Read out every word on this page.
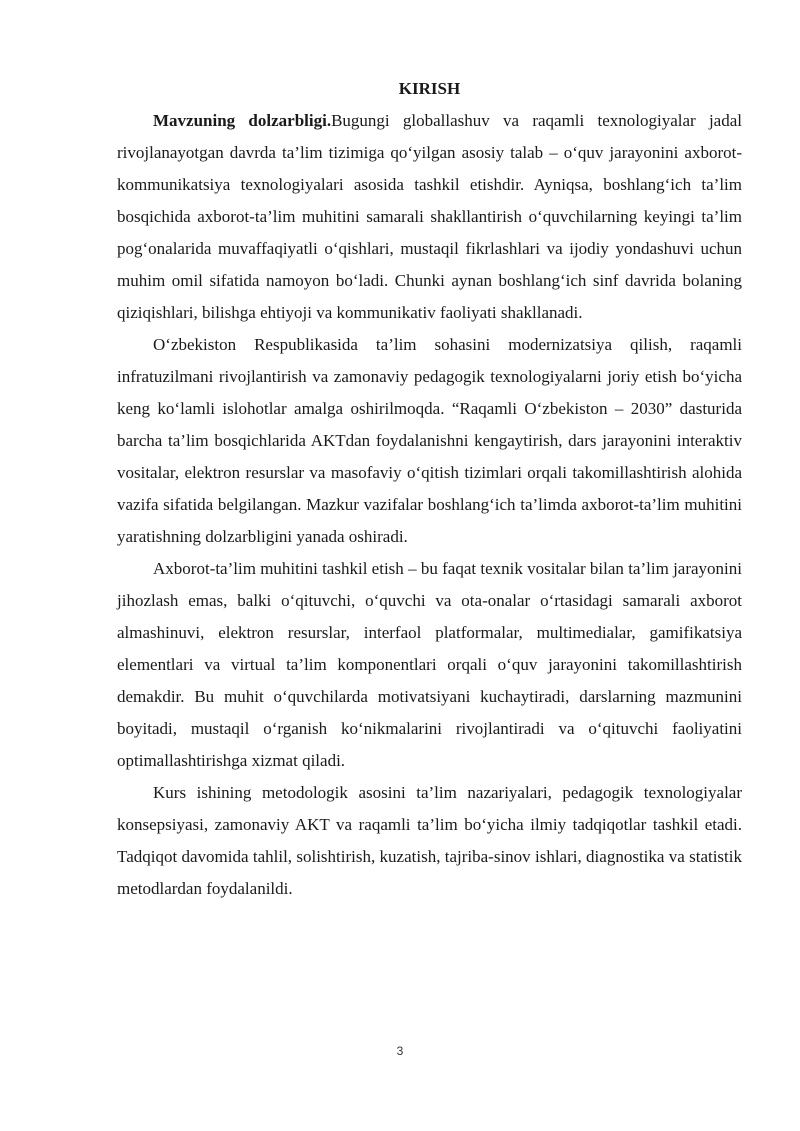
KIRISH

Mavzuning dolzarbligi.Bugungi globallashuv va raqamli texnologiyalar jadal rivojlanayotgan davrda ta’lim tizimiga qo‘yilgan asosiy talab – o‘quv jarayonini axborot-kommunikatsiya texnologiyalari asosida tashkil etishdir. Ayniqsa, boshlang‘ich ta’lim bosqichida axborot-ta’lim muhitini samarali shakllantirish o‘quvchilarning keyingi ta’lim pog‘onalarida muvaffaqiyatli o‘qishlari, mustaqil fikrlashlari va ijodiy yondashuvi uchun muhim omil sifatida namoyon bo‘ladi. Chunki aynan boshlang‘ich sinf davrida bolaning qiziqishlari, bilishga ehtiyoji va kommunikativ faoliyati shakllanadi.

O‘zbekiston Respublikasida ta’lim sohasini modernizatsiya qilish, raqamli infratuzilmani rivojlantirish va zamonaviy pedagogik texnologiyalarni joriy etish bo‘yicha keng ko‘lamli islohotlar amalga oshirilmoqda. “Raqamli O‘zbekiston – 2030” dasturida barcha ta’lim bosqichlarida AKTdan foydalanishni kengaytirish, dars jarayonini interaktiv vositalar, elektron resurslar va masofaviy o‘qitish tizimlari orqali takomillashtirish alohida vazifa sifatida belgilangan. Mazkur vazifalar boshlang‘ich ta’limda axborot-ta’lim muhitini yaratishning dolzarbligini yanada oshiradi.

Axborot-ta’lim muhitini tashkil etish – bu faqat texnik vositalar bilan ta’lim jarayonini jihozlash emas, balki o‘qituvchi, o‘quvchi va ota-onalar o‘rtasidagi samarali axborot almashinuvi, elektron resurslar, interfaol platformalar, multimedialar, gamifikatsiya elementlari va virtual ta’lim komponentlari orqali o‘quv jarayonini takomillashtirish demakdir. Bu muhit o‘quvchilarda motivatsiyani kuchaytiradi, darslarning mazmunini boyitadi, mustaqil o‘rganish ko‘nikmalarini rivojlantiradi va o‘qituvchi faoliyatini optimallashtirishga xizmat qiladi.

Kurs ishining metodologik asosini ta’lim nazariyalari, pedagogik texnologiyalar konsepsiyasi, zamonaviy AKT va raqamli ta’lim bo‘yicha ilmiy tadqiqotlar tashkil etadi. Tadqiqot davomida tahlil, solishtirish, kuzatish, tajriba-sinov ishlari, diagnostika va statistik metodlardan foydalanildi.

3
